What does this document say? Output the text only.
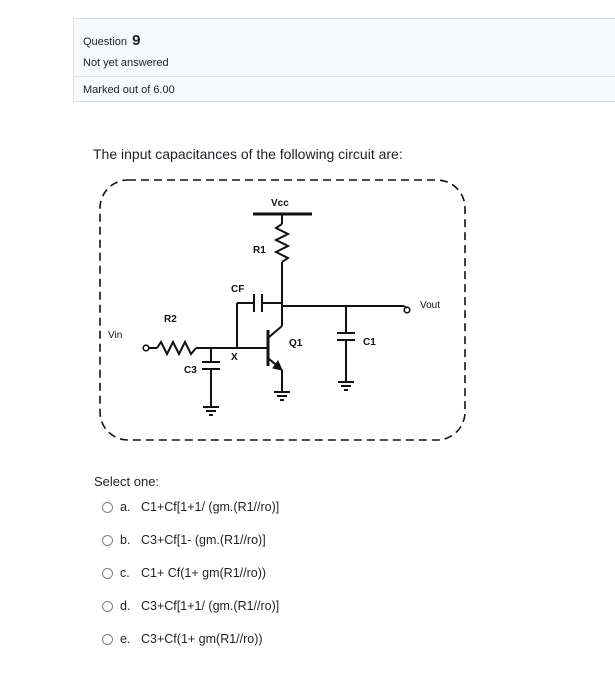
Question 9
Not yet answered
Marked out of 6.00
The input capacitances of the following circuit are:
Vcc
R1
CF
R2
Vin
C3
X
Q1	C1
Vout
Select one:
a. C1+Cf[1+1/ (gm.(R1//ro)]
b. C3+Cf[1- (gm.(R1//ro)]
c. C1+ Cf(1+ gm(R1//ro))
d. C3+Cf[1+1/ (gm.(R1//ro)]
e. C3+Cf(1+ gm(R1//ro))
